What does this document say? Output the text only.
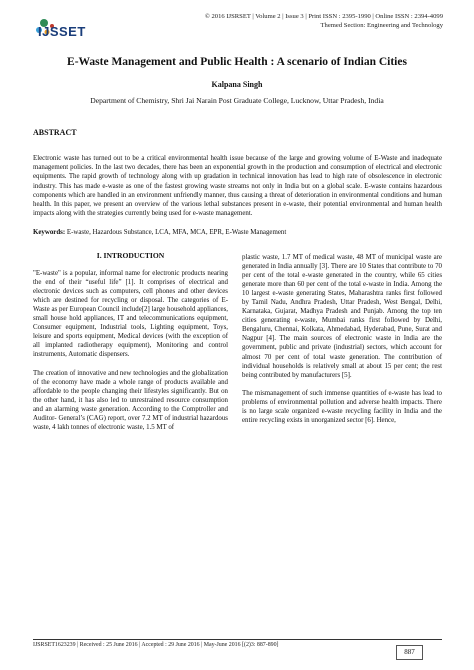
IJSSET
© 2016 IJSRSET | Volume 2 | Issue 3 | Print ISSN : 2395-1990 | Online ISSN : 2394-4099
Themed Section: Engineering and Technology
E-Waste Management and Public Health : A scenario of Indian Cities
Kalpana Singh
Department of Chemistry, Shri Jai Narain Post Graduate College, Lucknow, Uttar Pradesh, India
ABSTRACT

Electronic waste has turned out to be a critical environmental health issue because of the large and growing volume of E-Waste and inadequate management policies. In the last two decades, there has been an exponential growth in the production and consumption of electrical and electronic equipments. The rapid growth of technology along with up gradation in technical innovation has lead to high rate of obsolescence in electronic industry. This has made e-waste as one of the fastest growing waste streams not only in India but on a global scale. E-waste contains hazardous components which are handled in an environment unfriendly manner, thus causing a threat of deterioration in environmental conditions and human health. In this paper, we present an overview of the various lethal substances present in e-waste, their potential environmental and human health impacts along with the strategies currently being used for e-waste management.

Keywords: E-waste, Hazardous Substance, LCA, MFA, MCA, EPR, E-Waste Management
I. INTRODUCTION

"E-waste" is a popular, informal name for electronic products nearing the end of their “useful life” [1]. It comprises of electrical and electronic devices such as computers, cell phones and other devices which are destined for recycling or disposal. The categories of E-Waste as per European Council include[2] large household appliances, small house hold appliances, IT and telecommunications equipment, Consumer equipment, Industrial tools, Lighting equipment, Toys, leisure and sports equipment, Medical devices (with the exception of all implanted radiotherapy equipment), Monitoring and control instruments, Automatic dispensers.

The creation of innovative and new technologies and the globalization of the economy have made a whole range of products available and affordable to the people changing their lifestyles significantly. But on the other hand, it has also led to unrestrained resource consumption and an alarming waste generation. According to the Comptroller and Auditor- General’s (CAG) report, over 7.2 MT of industrial hazardous waste, 4 lakh tonnes of electronic waste, 1.5 MT of

plastic waste, 1.7 MT of medical waste, 48 MT of municipal waste are generated in India annually [3]. There are 10 States that contribute to 70 per cent of the total e-waste generated in the country, while 65 cities generate more than 60 per cent of the total e-waste in India. Among the 10 largest e-waste generating States, Maharashtra ranks first followed by Tamil Nadu, Andhra Pradesh, Uttar Pradesh, West Bengal, Delhi, Karnataka, Gujarat, Madhya Pradesh and Punjab. Among the top ten cities generating e-waste, Mumbai ranks first followed by Delhi, Bengaluru, Chennai, Kolkata, Ahmedabad, Hyderabad, Pune, Surat and Nagpur [4]. The main sources of electronic waste in India are the government, public and private (industrial) sectors, which account for almost 70 per cent of total waste generation. The contribution of individual households is relatively small at about 15 per cent; the rest being contributed by manufacturers [5].

The mismanagement of such immense quantities of e-waste has lead to problems of environmental pollution and adverse health impacts. There is no large scale organized e-waste recycling facility in India and the entire recycling exists in unorganized sector [6]. Hence,

IJSRSET1623239 | Received : 25 June 2016 | Accepted : 29 June 2016 | May-June 2016 [(2)3: 887-890]
887
